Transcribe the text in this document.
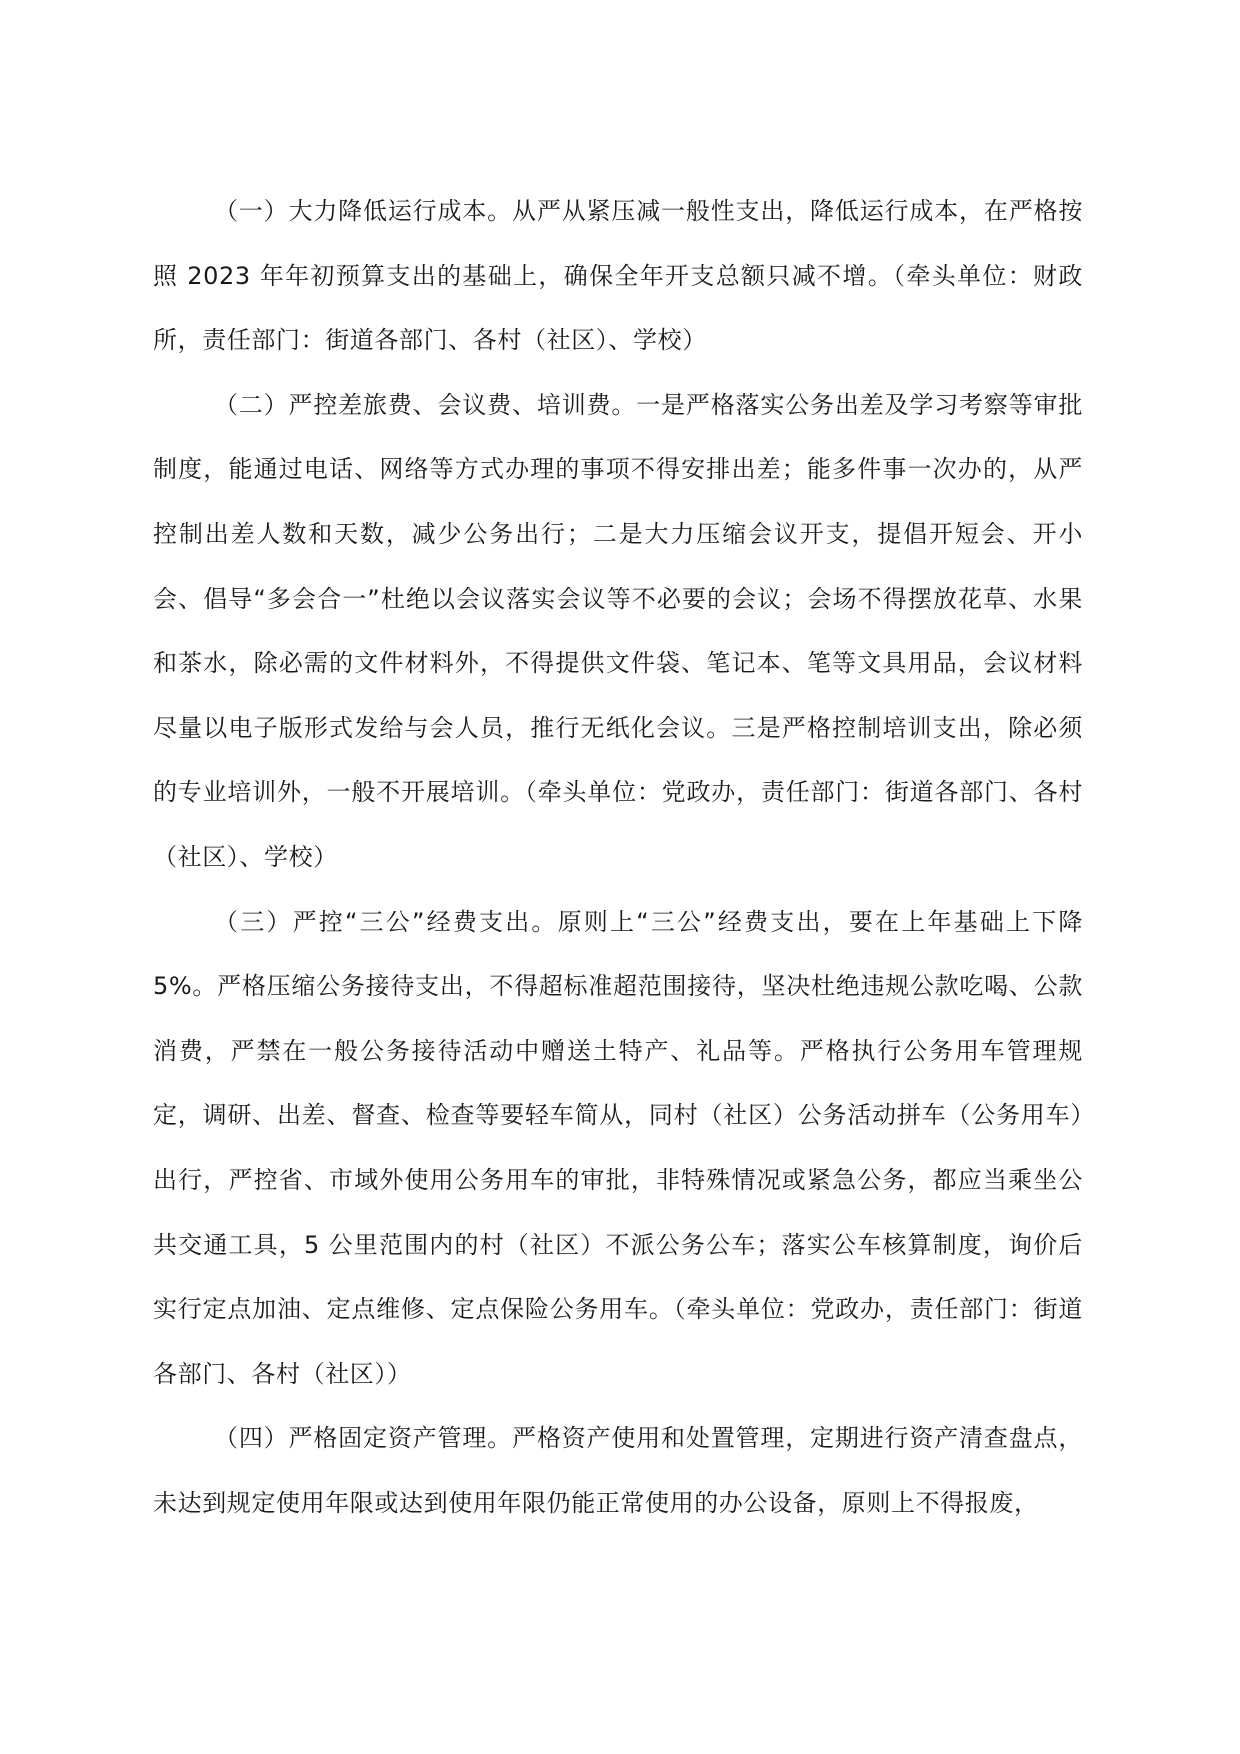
（一）大力降低运行成本。从严从紧压减一般性支出，降低运行成本，在严格按照 2023 年年初预算支出的基础上，确保全年开支总额只减不增。（牵头单位：财政所，责任部门：街道各部门、各村（社区）、学校）

（二）严控差旅费、会议费、培训费。一是严格落实公务出差及学习考察等审批制度，能通过电话、网络等方式办理的事项不得安排出差；能多件事一次办的，从严控制出差人数和天数，减少公务出行；二是大力压缩会议开支，提倡开短会、开小会、倡导“多会合一”杜绝以会议落实会议等不必要的会议；会场不得摆放花草、水果和茶水，除必需的文件材料外，不得提供文件袋、笔记本、笔等文具用品，会议材料尽量以电子版形式发给与会人员，推行无纸化会议。三是严格控制培训支出，除必须的专业培训外，一般不开展培训。（牵头单位：党政办，责任部门：街道各部门、各村（社区）、学校）

（三）严控“三公”经费支出。原则上“三公”经费支出，要在上年基础上下降 5%。严格压缩公务接待支出，不得超标准超范围接待，坚决杜绝违规公款吃喝、公款消费，严禁在一般公务接待活动中赠送土特产、礼品等。严格执行公务用车管理规定，调研、出差、督查、检查等要轻车简从，同村（社区）公务活动拼车（公务用车）出行，严控省、市域外使用公务用车的审批，非特殊情况或紧急公务，都应当乘坐公共交通工具，5 公里范围内的村（社区）不派公务公车；落实公车核算制度，询价后实行定点加油、定点维修、定点保险公务用车。（牵头单位：党政办，责任部门：街道各部门、各村（社区））

（四）严格固定资产管理。严格资产使用和处置管理，定期进行资产清查盘点，未达到规定使用年限或达到使用年限仍能正常使用的办公设备，原则上不得报废，
